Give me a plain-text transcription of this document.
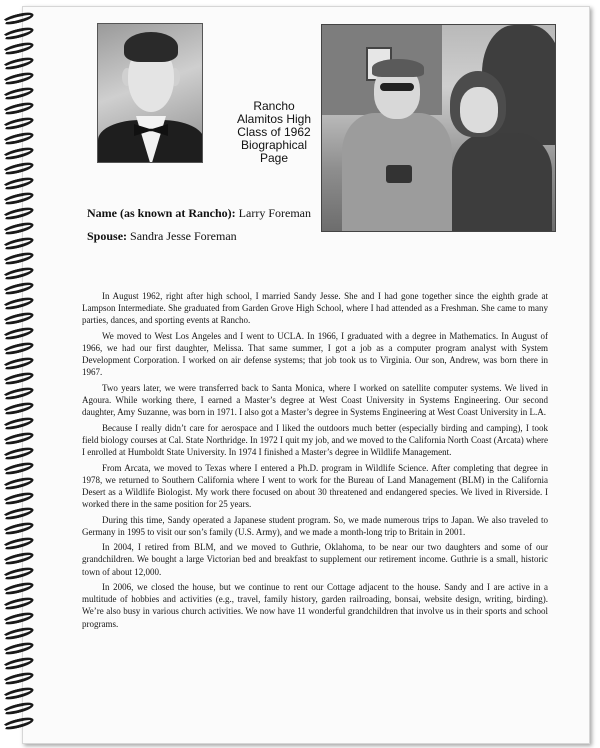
Rancho Alamitos High Class of 1962 Biographical Page
Name (as known at Rancho): Larry Foreman
Spouse: Sandra Jesse Foreman

In August 1962, right after high school, I married Sandy Jesse. She and I had gone together since the eighth grade at Lampson Intermediate. She graduated from Garden Grove High School, where I had attended as a Freshman. She came to many parties, dances, and sporting events at Rancho.

We moved to West Los Angeles and I went to UCLA. In 1966, I graduated with a degree in Mathematics. In August of 1966, we had our first daughter, Melissa. That same summer, I got a job as a computer program analyst with System Development Corporation. I worked on air defense systems; that job took us to Virginia. Our son, Andrew, was born there in 1967.

Two years later, we were transferred back to Santa Monica, where I worked on satellite computer systems. We lived in Agoura. While working there, I earned a Master’s degree at West Coast University in Systems Engineering. Our second daughter, Amy Suzanne, was born in 1971. I also got a Master’s degree in Systems Engineering at West Coast University in L.A.

Because I really didn’t care for aerospace and I liked the outdoors much better (especially birding and camping), I took field biology courses at Cal. State Northridge. In 1972 I quit my job, and we moved to the California North Coast (Arcata) where I enrolled at Humboldt State University. In 1974 I finished a Master’s degree in Wildlife Management.

From Arcata, we moved to Texas where I entered a Ph.D. program in Wildlife Science. After completing that degree in 1978, we returned to Southern California where I went to work for the Bureau of Land Management (BLM) in the California Desert as a Wildlife Biologist. My work there focused on about 30 threatened and endangered species. We lived in Riverside. I worked there in the same position for 25 years.

During this time, Sandy operated a Japanese student program. So, we made numerous trips to Japan. We also traveled to Germany in 1995 to visit our son’s family (U.S. Army), and we made a month-long trip to Britain in 2001.

In 2004, I retired from BLM, and we moved to Guthrie, Oklahoma, to be near our two daughters and some of our grandchildren. We bought a large Victorian bed and breakfast to supplement our retirement income. Guthrie is a small, historic town of about 12,000.

In 2006, we closed the house, but we continue to rent our Cottage adjacent to the house. Sandy and I are active in a multitude of hobbies and activities (e.g., travel, family history, garden railroading, bonsai, website design, writing, birding). We’re also busy in various church activities. We now have 11 wonderful grandchildren that involve us in their sports and school programs.
